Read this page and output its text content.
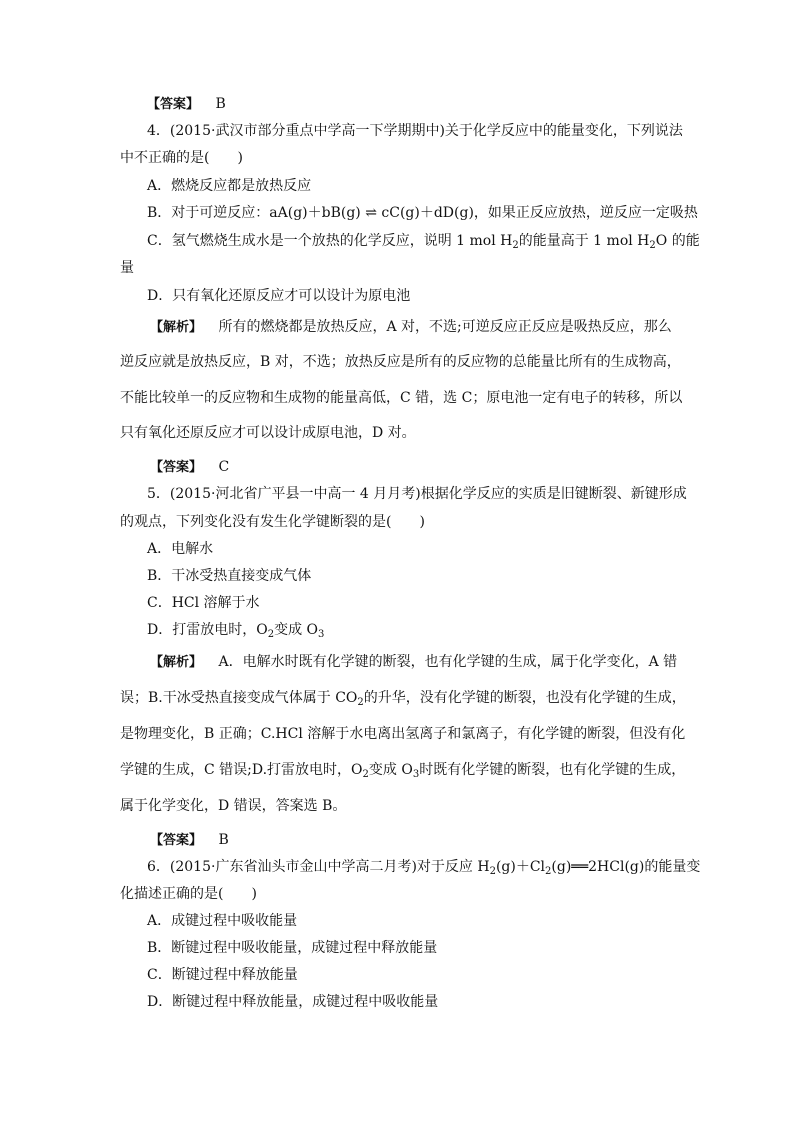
【答案】 B
4．(2015·武汉市部分重点中学高一下学期期中)关于化学反应中的能量变化，下列说法
中不正确的是(　　)
A．燃烧反应都是放热反应
B．对于可逆反应：aA(g)＋bB(g) ⇌ cC(g)＋dD(g)，如果正反应放热，逆反应一定吸热
C．氢气燃烧生成水是一个放热的化学反应，说明 1 mol $H_2$的能量高于 1 mol $H_2O$ 的能
量
D．只有氧化还原反应才可以设计为原电池
【解析】 所有的燃烧都是放热反应，A 对，不选;可逆反应正反应是吸热反应，那么
逆反应就是放热反应，B 对，不选；放热反应是所有的反应物的总能量比所有的生成物高，
不能比较单一的反应物和生成物的能量高低，C 错，选 C；原电池一定有电子的转移，所以
只有氧化还原反应才可以设计成原电池，D 对。
【答案】 C
5．(2015·河北省广平县一中高一 4 月月考)根据化学反应的实质是旧键断裂、新键形成
的观点，下列变化没有发生化学键断裂的是(　　)
A．电解水
B．干冰受热直接变成气体
C．HCl 溶解于水
D．打雷放电时，$O_2$变成 $O_3$
【解析】 A．电解水时既有化学键的断裂，也有化学键的生成，属于化学变化，A 错
误；B.干冰受热直接变成气体属于 $CO_2$的升华，没有化学键的断裂，也没有化学键的生成，
是物理变化，B 正确；C.HCl 溶解于水电离出氢离子和氯离子，有化学键的断裂，但没有化
学键的生成，C 错误;D.打雷放电时，$O_2$变成 $O_3$时既有化学键的断裂，也有化学键的生成，
属于化学变化，D 错误，答案选 B。
【答案】 B
6．(2015·广东省汕头市金山中学高二月考)对于反应 $H_2(g)+Cl_2(g)══2HCl(g)$的能量变
化描述正确的是(　　)
A．成键过程中吸收能量
B．断键过程中吸收能量，成键过程中释放能量
C．断键过程中释放能量
D．断键过程中释放能量，成键过程中吸收能量
